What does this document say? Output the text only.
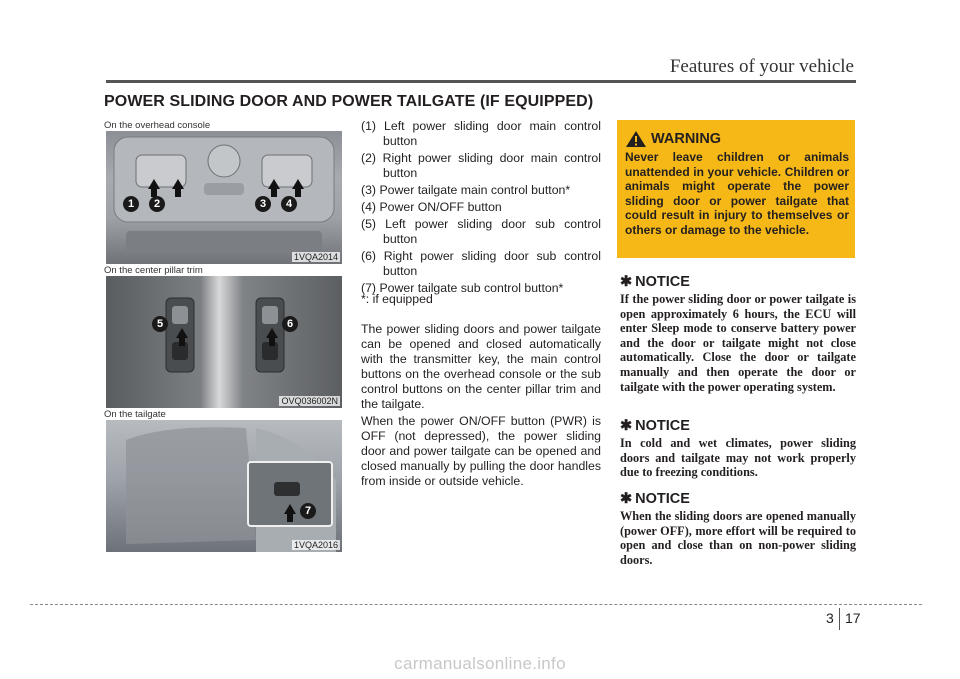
Features of your vehicle
POWER SLIDING DOOR AND POWER TAILGATE (IF EQUIPPED)
On the overhead console
1	2	3	4
1VQA2014
On the center pillar trim
5	6
OVQ036002N
On the tailgate
7
1VQA2016
(1) Left power sliding door main control button
(2) Right power sliding door main control button
(3) Power tailgate main control button*
(4) Power ON/OFF button
(5) Left power sliding door sub control button
(6) Right power sliding door sub control button
(7) Power tailgate sub control button*
*: if equipped

The power sliding doors and power tailgate can be opened and closed automatically with the transmitter key, the main control buttons on the overhead console or the sub control buttons on the center pillar trim and the tailgate.

When the power ON/OFF button (PWR) is OFF (not depressed), the power sliding door and power tailgate can be opened and closed manually by pulling the door handles from inside or outside vehicle.

WARNING
Never leave children or animals unattended in your vehicle. Children or animals might operate the power sliding door or power tailgate that could result in injury to themselves or others or damage to the vehicle.
✱ NOTICE
If the power sliding door or power tailgate is open approximately 6 hours, the ECU will enter Sleep mode to conserve battery power and the door or tailgate might not close automatically. Close the door or tailgate manually and then operate the door or tailgate with the power operating system.
✱ NOTICE
In cold and wet climates, power sliding doors and tailgate may not work properly due to freezing conditions.
✱ NOTICE
When the sliding doors are opened manually (power OFF), more effort will be required to open and close than on non-power sliding doors.
3 17
carmanualsonline.info
